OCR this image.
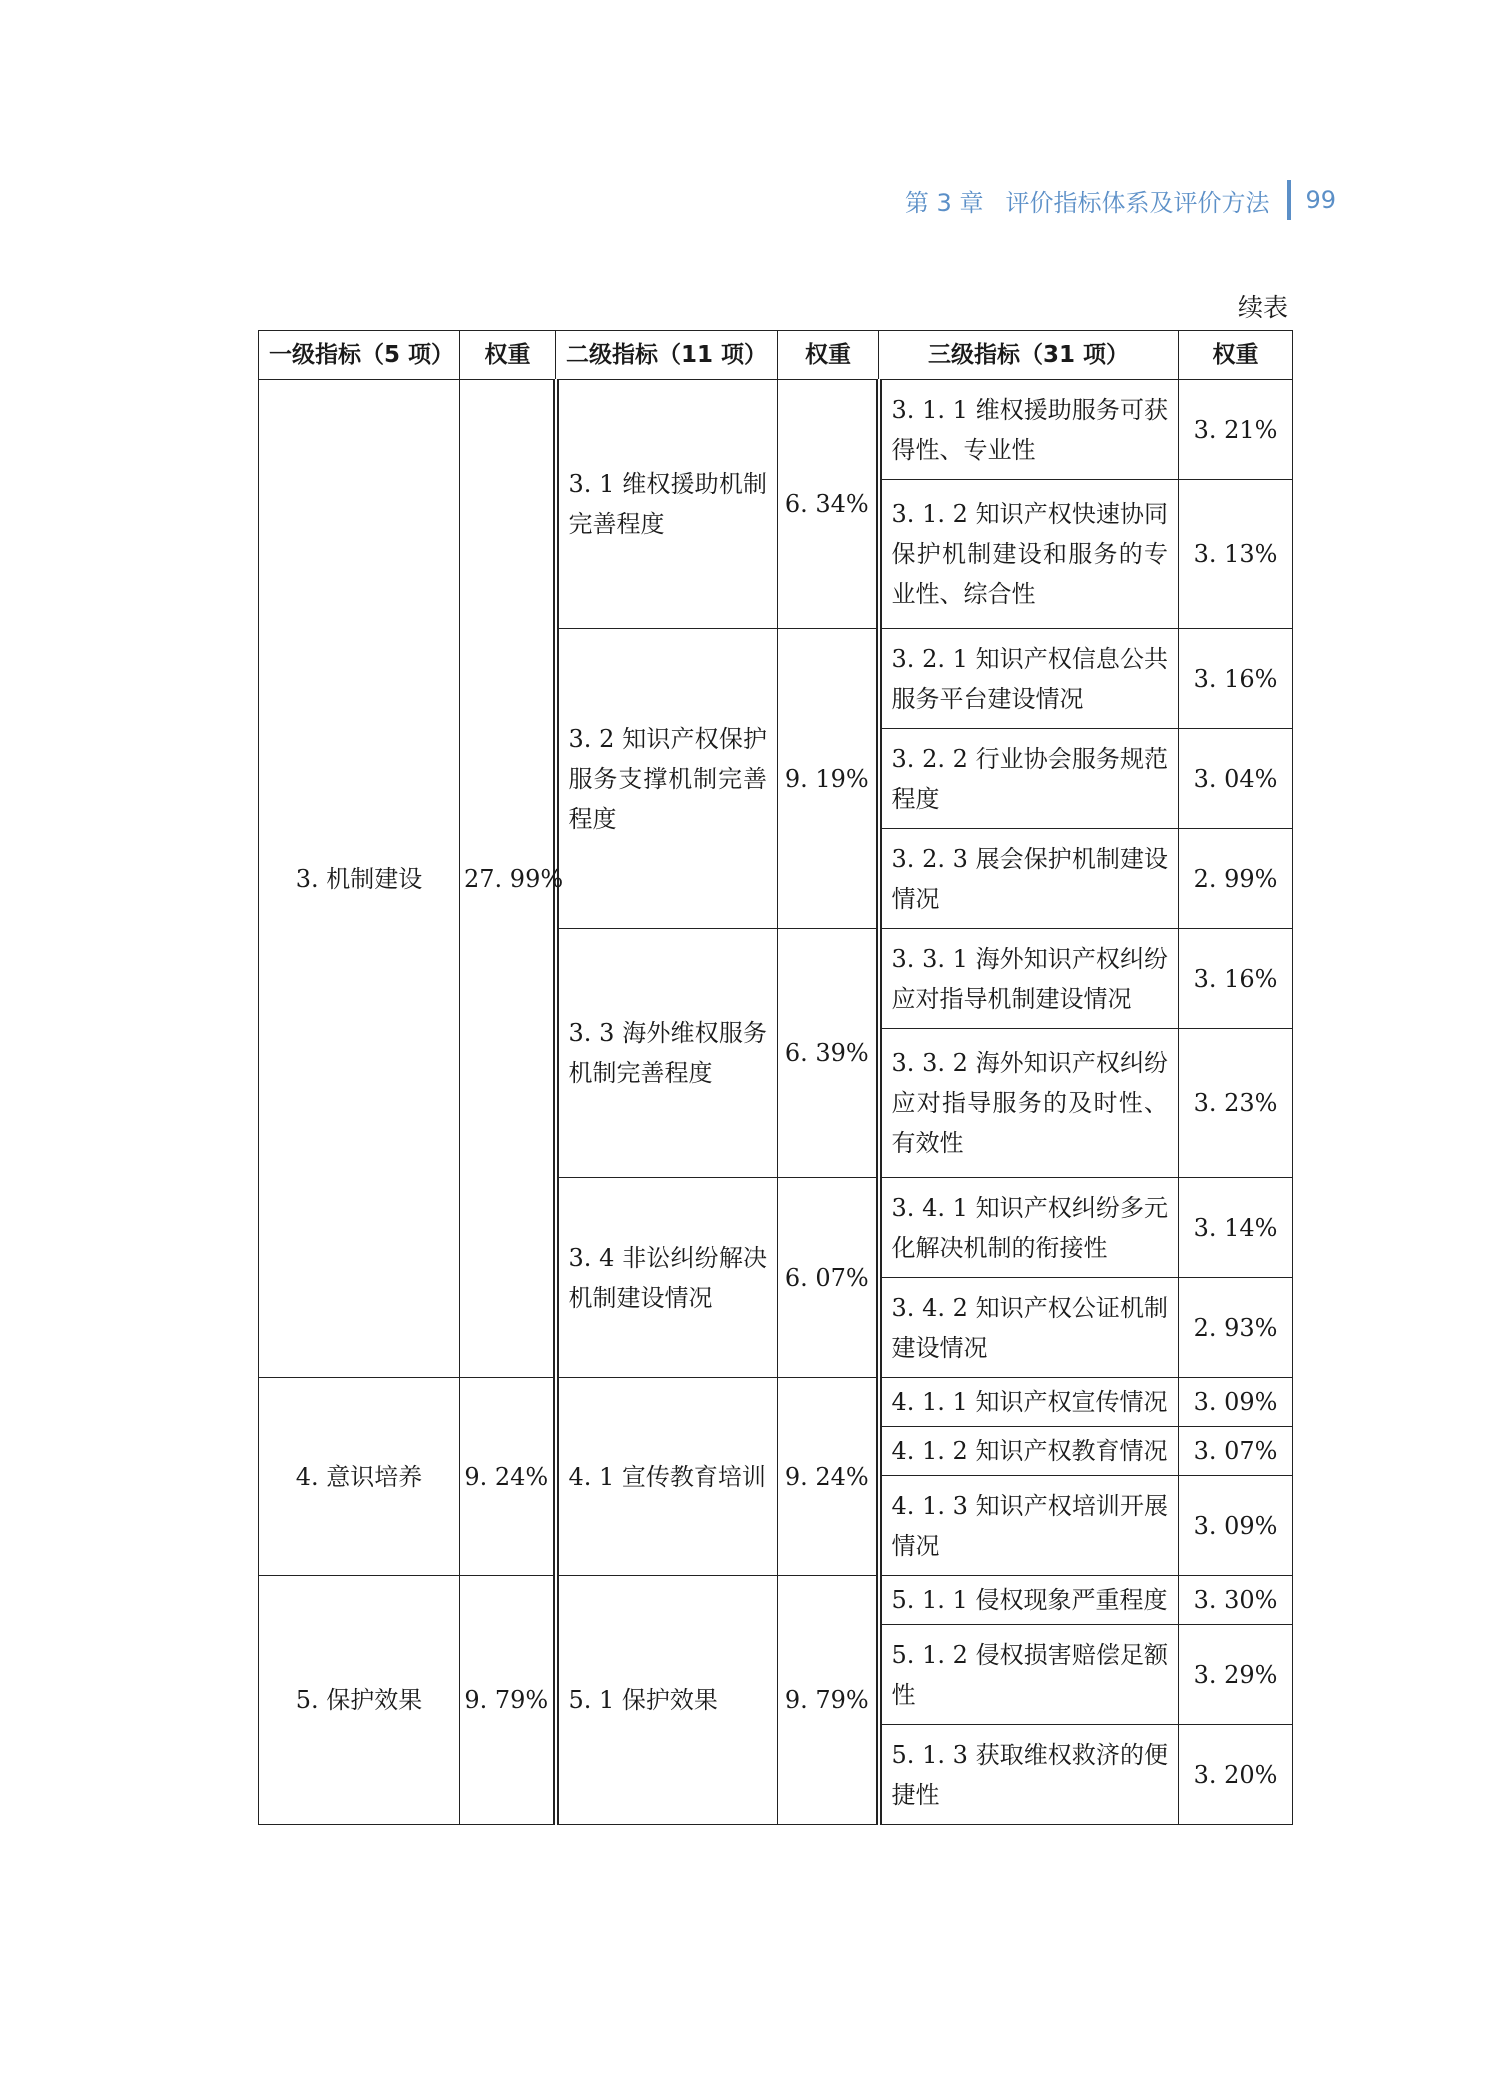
第 3 章 评价指标体系及评价方法 99
续表
一级指标（5 项）	权重	二级指标（11 项）	权重	三级指标（31 项）	权重
3. 机制建设	27. 99%	3. 1 维权援助机制完善程度	6. 34%	3. 1. 1 维权援助服务可获得性、专业性	3. 21%
				3. 1. 2 知识产权快速协同保护机制建设和服务的专业性、综合性	3. 13%
		3. 2 知识产权保护服务支撑机制完善程度	9. 19%	3. 2. 1 知识产权信息公共服务平台建设情况	3. 16%
				3. 2. 2 行业协会服务规范程度	3. 04%
				3. 2. 3 展会保护机制建设情况	2. 99%
		3. 3 海外维权服务机制完善程度	6. 39%	3. 3. 1 海外知识产权纠纷应对指导机制建设情况	3. 16%
				3. 3. 2 海外知识产权纠纷应对指导服务的及时性、有效性	3. 23%
		3. 4 非讼纠纷解决机制建设情况	6. 07%	3. 4. 1 知识产权纠纷多元化解决机制的衔接性	3. 14%
				3. 4. 2 知识产权公证机制建设情况	2. 93%
4. 意识培养	9. 24%	4. 1 宣传教育培训	9. 24%	4. 1. 1 知识产权宣传情况	3. 09%
				4. 1. 2 知识产权教育情况	3. 07%
				4. 1. 3 知识产权培训开展情况	3. 09%
5. 保护效果	9. 79%	5. 1 保护效果	9. 79%	5. 1. 1 侵权现象严重程度	3. 30%
				5. 1. 2 侵权损害赔偿足额性	3. 29%
				5. 1. 3 获取维权救济的便捷性	3. 20%
